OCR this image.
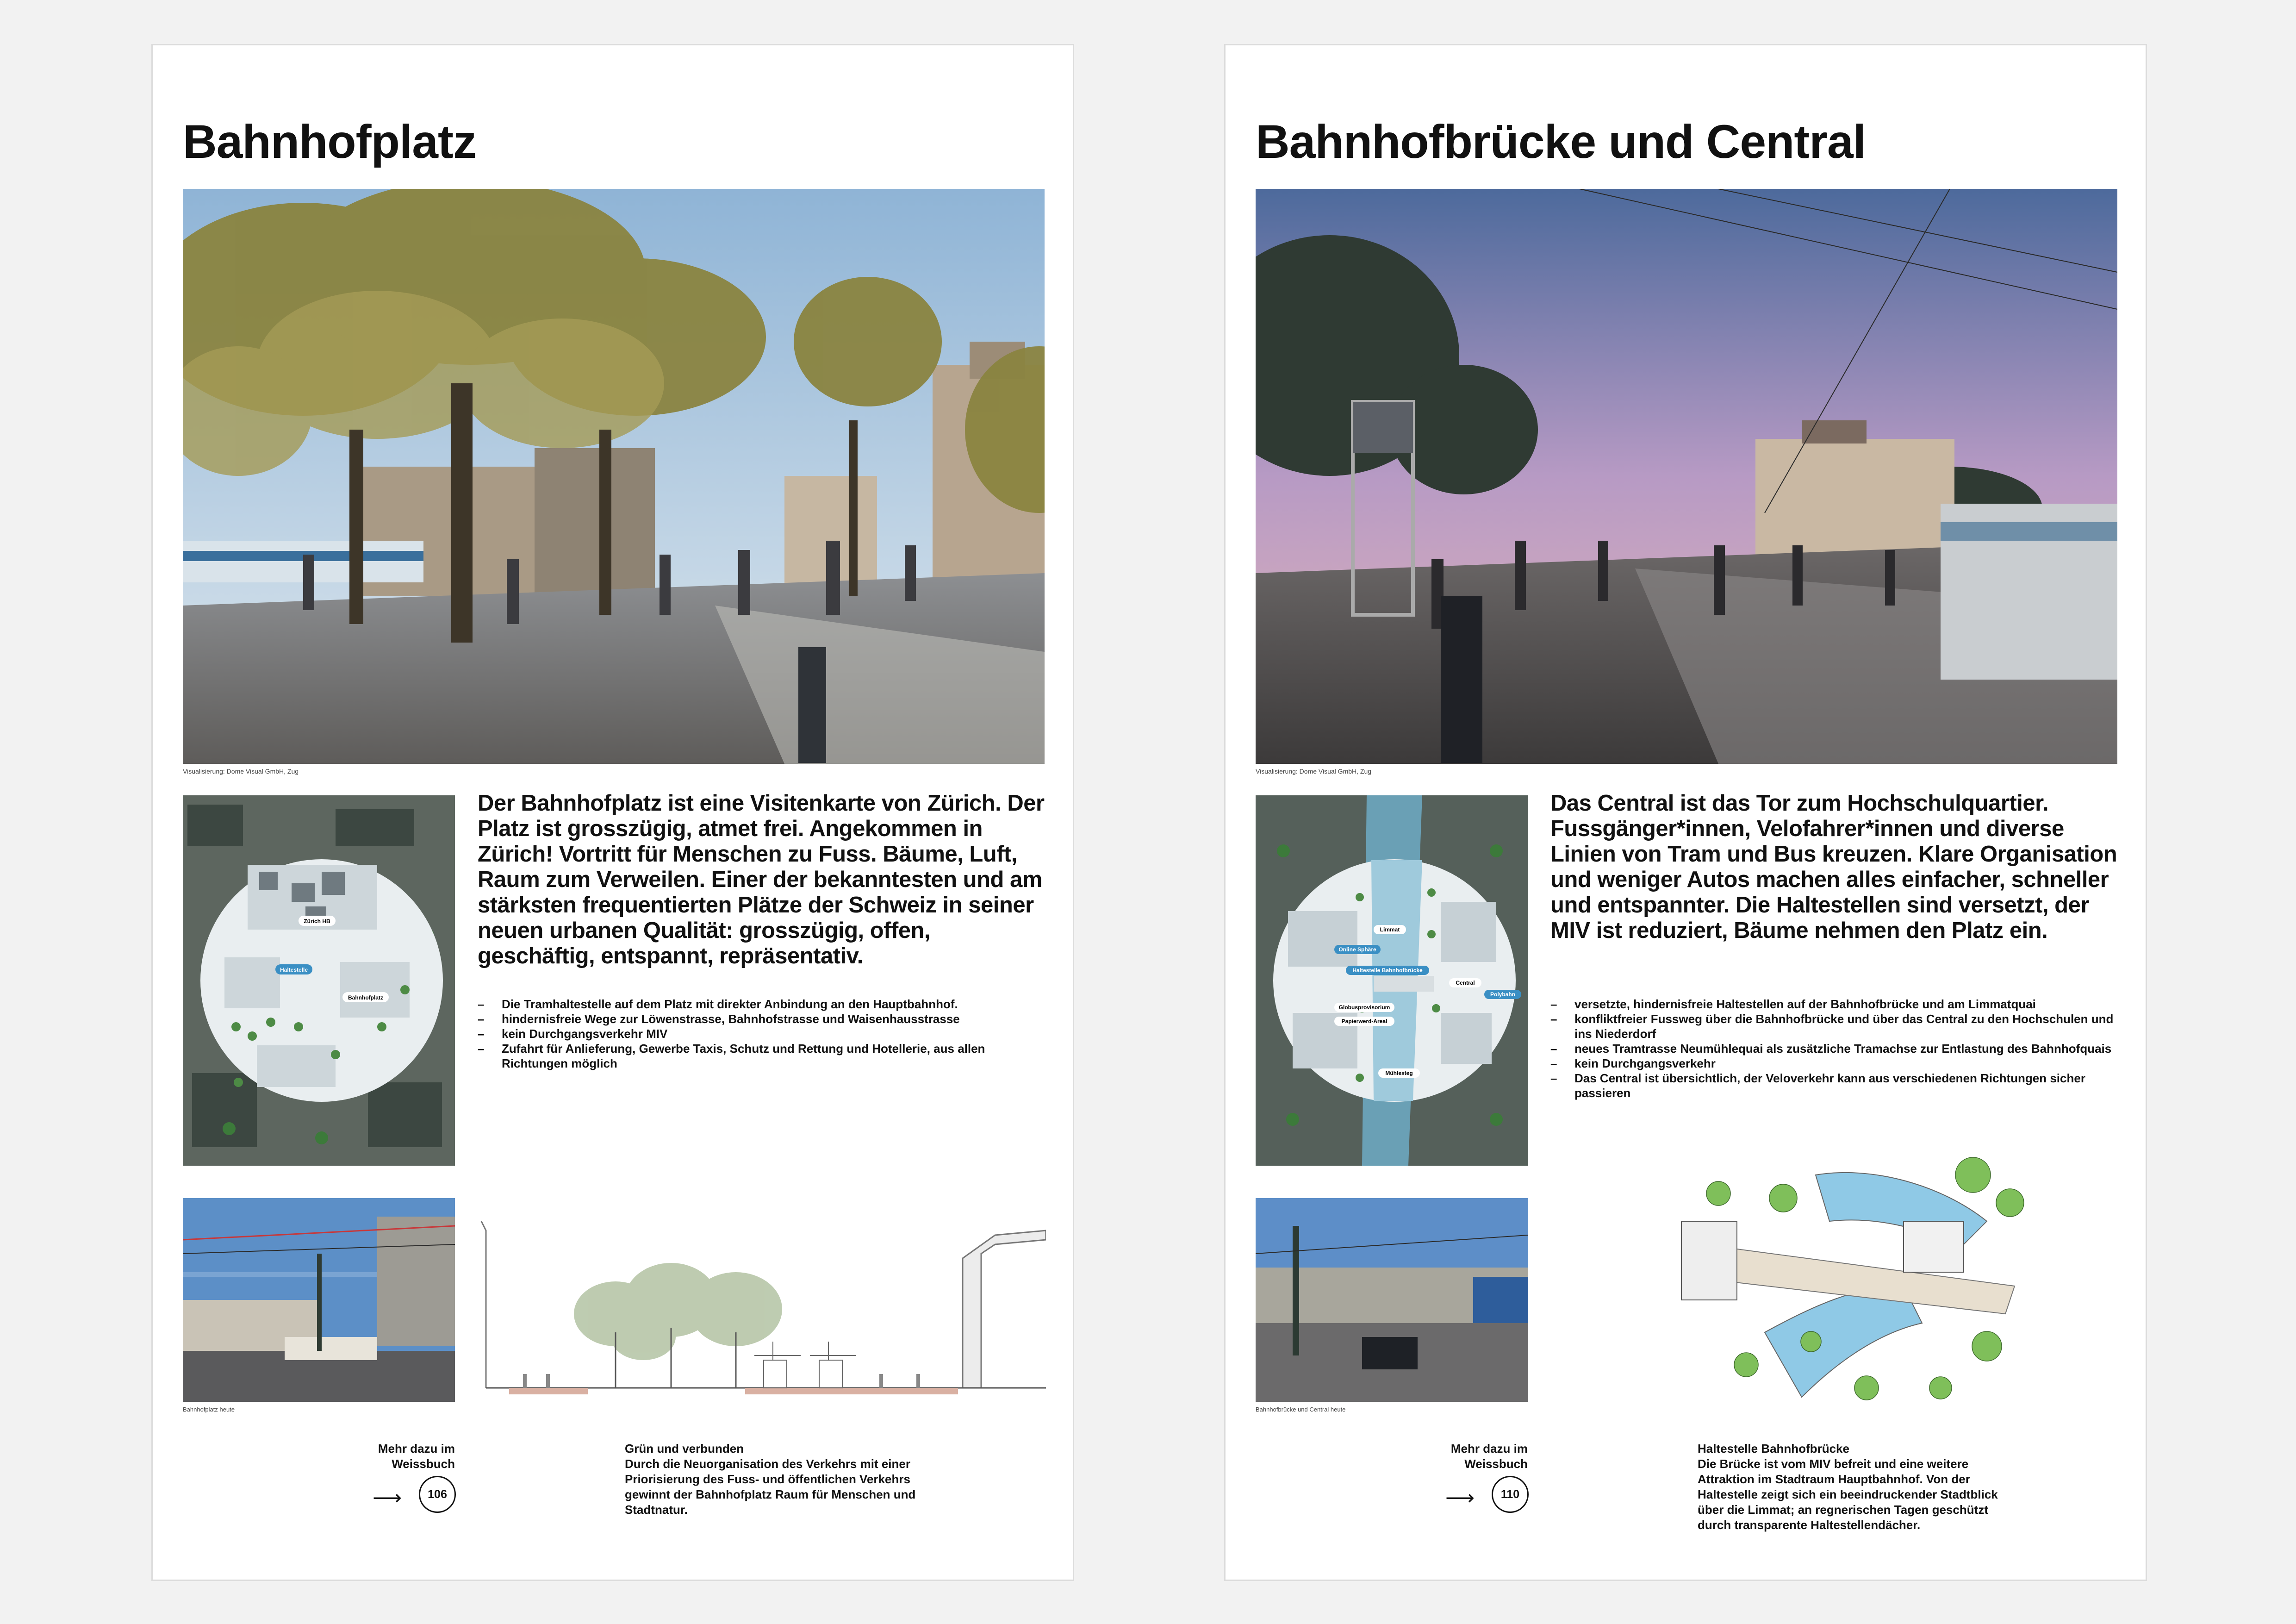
Bahnhofplatz
Visualisierung: Dome Visual GmbH, Zug
Zürich HB
Haltestelle
Bahnhofplatz

Der Bahnhofplatz ist eine Visitenkarte von Zürich. Der Platz ist grosszügig, atmet frei. Angekommen in Zürich! Vortritt für Menschen zu Fuss. Bäume, Luft, Raum zum Verweilen. Einer der bekanntesten und am stärksten frequentierten Plätze der Schweiz in seiner neuen urbanen Qualität: grosszügig, offen, geschäftig, entspannt, repräsentativ.

– Die Tramhaltestelle auf dem Platz mit direkter Anbindung an den Hauptbahnhof.
– hindernisfreie Wege zur Löwenstrasse, Bahnhofstrasse und Waisenhausstrasse
– kein Durchgangsverkehr MIV
– Zufahrt für Anlieferung, Gewerbe Taxis, Schutz und Rettung und Hotellerie, aus allen Richtungen möglich
Bahnhofplatz heute

Mehr dazu im
Weissbuch

⟶	106

Grün und verbunden

Durch die Neuorganisation des Verkehrs mit einer Priorisierung des Fuss- und öffentlichen Verkehrs gewinnt der Bahnhofplatz Raum für Menschen und Stadtnatur.

Bahnhofbrücke und Central
Visualisierung: Dome Visual GmbH, Zug
Limmat
Online Sphäre
Haltestelle Bahnhofbrücke
Central
Polybahn
Globusprovisorium
Papierwerd-Areal
Mühlesteg

Das Central ist das Tor zum Hochschulquartier. Fussgänger*innen, Velofahrer*innen und diverse Linien von Tram und Bus kreuzen. Klare Organisation und weniger Autos machen alles einfacher, schneller und entspannter. Die Haltestellen sind versetzt, der MIV ist reduziert, Bäume nehmen den Platz ein.

– versetzte, hindernisfreie Haltestellen auf der Bahnhofbrücke und am Limmatquai
– konfliktfreier Fussweg über die Bahnhofbrücke und über das Central zu den Hochschulen und ins Niederdorf
– neues Tramtrasse Neumühlequai als zusätzliche Tramachse zur Entlastung des Bahnhofquais
– kein Durchgangsverkehr
– Das Central ist übersichtlich, der Veloverkehr kann aus verschiedenen Richtungen sicher passieren
Bahnhofbrücke und Central heute

Mehr dazu im
Weissbuch

⟶	110

Haltestelle Bahnhofbrücke

Die Brücke ist vom MIV befreit und eine weitere Attraktion im Stadtraum Hauptbahnhof. Von der Haltestelle zeigt sich ein beeindruckender Stadtblick über die Limmat; an regnerischen Tagen geschützt durch transparente Haltestellendächer.
